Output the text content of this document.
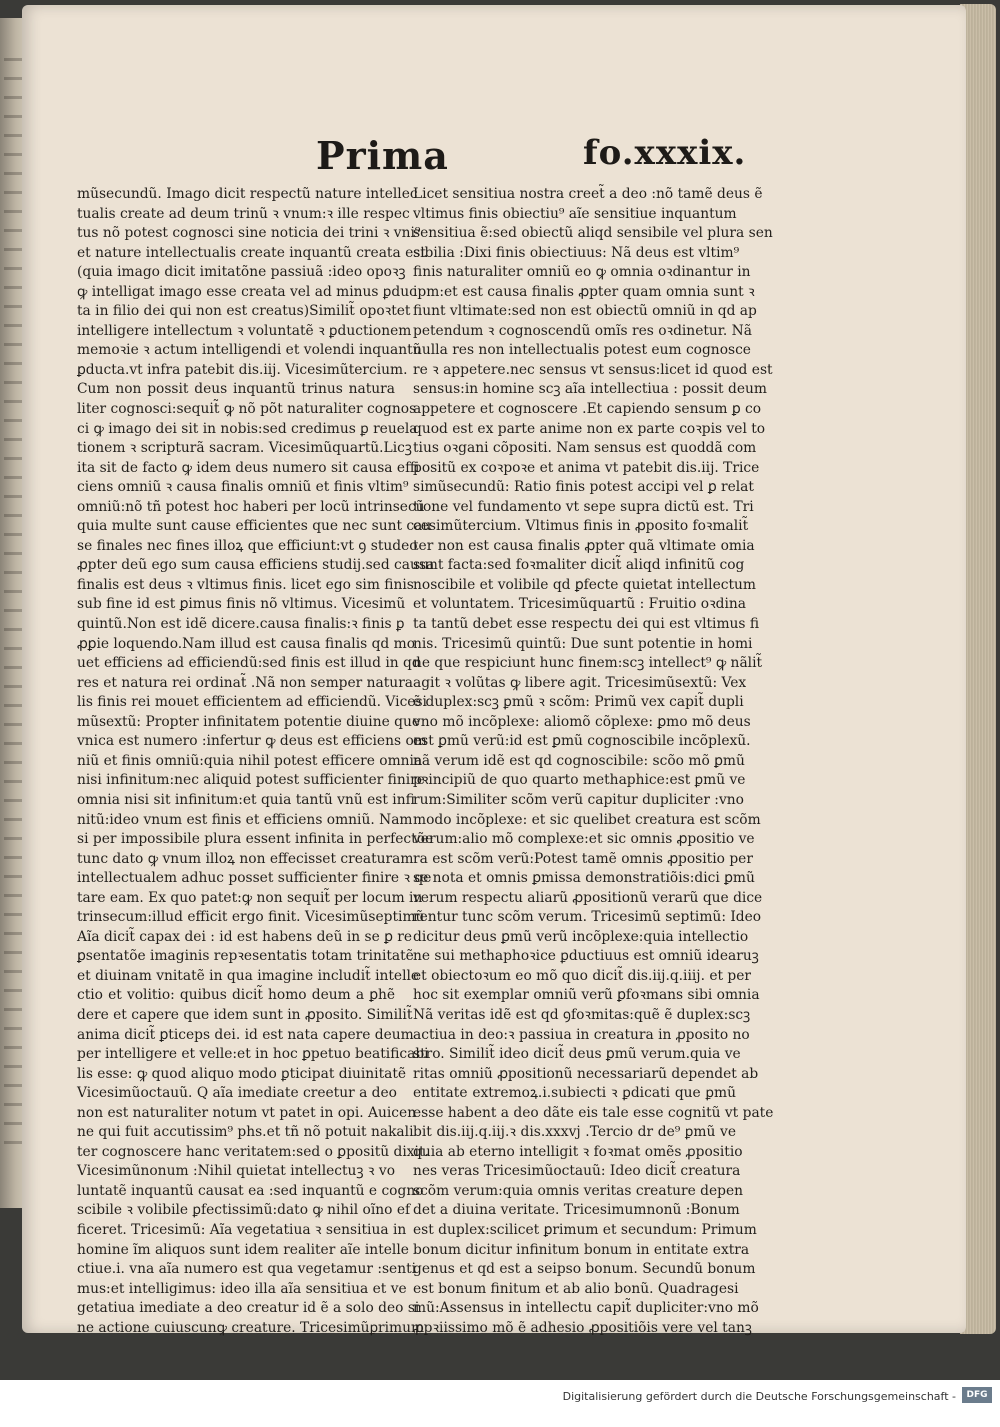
Prima	fo.xxxix.
mũsecundũ. Imago dicit respectũ nature intellec
tualis create ad deum trinũ ꝛ vnum:ꝛ ille respec
tus nõ potest cognosci sine noticia dei trini ꝛ vni⁹
et nature intellectualis create inquantũ creata est
(quia imago dicit imitatõne passiuã :ideo opoꝛꝫ
ꝙ intelligat imago esse creata vel ad minus ꝑduc
ta in filio dei qui non est creatus)Similit̃ opoꝛtet
intelligere intellectum ꝛ voluntatẽ ꝛ ꝑductionem
memoꝛie ꝛ actum intelligendi et volendi inquantũ
ꝑducta.vt infra patebit dis.iij. Vicesimũtercium.
Cum non possit deus inquantũ trinus natura
liter cognosci:sequit̃ ꝙ nõ põt naturaliter cognos
ci ꝙ imago dei sit in nobis:sed credimus ꝑ reuela
tionem ꝛ scripturã sacram. Vicesimũquartũ.Licꝫ
ita sit de facto ꝙ idem deus numero sit causa effi
ciens omniũ ꝛ causa finalis omniũ et finis vltim⁹
omniũ:nõ tñ potest hoc haberi per locũ intrinsecũ
quia multe sunt cause efficientes que nec sunt cau
se finales nec fines illoꝝ que efficiunt:vt ꝯ studeo
ꝓpter deũ ego sum causa efficiens studij.sed causa
finalis est deus ꝛ vltimus finis. licet ego sim finis
sub fine id est ꝑimus finis nõ vltimus. Vicesimũ
quintũ.Non est idẽ dicere.causa finalis:ꝛ finis ꝑ
ꝓꝑie loquendo.Nam illud est causa finalis qd mo
uet efficiens ad efficiendũ:sed finis est illud in qd
res et natura rei ordinat̃ .Nã non semper natura
lis finis rei mouet efficientem ad efficiendũ. Vicesi
mũsextũ: Propter infinitatem potentie diuine que
vnica est numero :infertur ꝙ deus est efficiens om
niũ et finis omniũ:quia nihil potest efficere omnia
nisi infinitum:nec aliquid potest sufficienter finire
omnia nisi sit infinitum:et quia tantũ vnũ est infi
nitũ:ideo vnum est finis et efficiens omniũ. Nam
si per impossibile plura essent infinita in perfectõe
tunc dato ꝙ vnum illoꝝ non effecisset creaturam
intellectualem adhuc posset sufficienter finire ꝛ qe
tare eam. Ex quo patet:ꝙ non sequit̃ per locum in
trinsecum:illud efficit ergo finit. Vicesimũseptimũ
Aĩa dicit̃ capax dei : id est habens deũ in se ꝑ re
ꝑsentatõe imaginis repꝛesentatis totam trinitatẽ
et diuinam vnitatẽ in qua imagine includit̃ intelle
ctio et volitio: quibus dicit̃ homo deum a ꝑhẽ
dere et capere que idem sunt in ꝓposito. Similit̃
anima dicit̃ ꝑticeps dei. id est nata capere deum
per intelligere et velle:et in hoc ꝑpetuo beatificabi
lis esse: ꝙ quod aliquo modo ꝑticipat diuinitatẽ
Vicesimũoctauũ. Q aĩa imediate creetur a deo
non est naturaliter notum vt patet in opi. Auicen
ne qui fuit accutissim⁹ phs.et tñ nõ potuit nakali
ter cognoscere hanc veritatem:sed o ꝑpositũ dixit.
Vicesimũnonum :Nihil quietat intellectuꝫ ꝛ vo
luntatẽ inquantũ causat ea :sed inquantũ e cogno
scibile ꝛ volibile ꝑfectissimũ:dato ꝙ nihil oĩno ef
ficeret. Tricesimũ: Aĩa vegetatiua ꝛ sensitiua in
homine ĩm aliquos sunt idem realiter aĩe intelle
ctiue.i. vna aĩa numero est qua vegetamur :senti
mus:et intelligimus: ideo illa aĩa sensitiua et ve
getatiua imediate a deo creatur id ẽ a solo deo si
ne actione cuiuscunꝙ creature. Tricesimũꝑrimum
Licet sensitiua nostra creet̃ a deo :nõ tamẽ deus ẽ
vltimus finis obiectiu⁹ aĩe sensitiue inquantum
sensitiua ẽ:sed obiectũ aliqd sensibile vel plura sen
sibilia :Dixi finis obiectiuus: Nã deus est vltim⁹
finis naturaliter omniũ eo ꝙ omnia oꝛdinantur in
ipm:et est causa finalis ꝓpter quam omnia sunt ꝛ
fiunt vltimate:sed non est obiectũ omniũ in qd ap
petendum ꝛ cognoscendũ omĩs res oꝛdinetur. Nã
nulla res non intellectualis potest eum cognosce
re ꝛ appetere.nec sensus vt sensus:licet id quod est
sensus:in homine scꝫ aĩa intellectiua : possit deum
appetere et cognoscere .Et capiendo sensum ꝑ co
quod est ex parte anime non ex parte coꝛpis vel to
tius oꝛgani cõpositi. Nam sensus est quoddã com
positũ ex coꝛpoꝛe et anima vt patebit dis.iij. Trice
simũsecundũ: Ratio finis potest accipi vel ꝑ relat
tione vel fundamento vt sepe supra dictũ est. Tri
cesimũtercium. Vltimus finis in ꝓposito foꝛmalit̃
ter non est causa finalis ꝓpter quã vltimate omia
sunt facta:sed foꝛmaliter dicit̃ aliqd infinitũ cog
noscibile et volibile qd ꝑfecte quietat intellectum
et voluntatem. Tricesimũquartũ : Fruitio oꝛdina
ta tantũ debet esse respectu dei qui est vltimus fi
nis. Tricesimũ quintũ: Due sunt potentie in homi
ne que respiciunt hunc finem:scꝫ intellect⁹ ꝙ nãlit̃
agit ꝛ volũtas ꝙ libere agit. Tricesimũsextũ: Vex
ẽ duplex:scꝫ ꝑmũ ꝛ scõm: Primũ vex capit̃ dupli
vno mõ incõplexe: aliomõ cõplexe: ꝑmo mõ deus
est ꝑmũ verũ:id est ꝑmũ cognoscibile incõplexũ.
nã verum idẽ est qd cognoscibile: scõo mõ ꝑmũ
pꝛincipiũ de quo quarto methaphice:est ꝑmũ ve
rum:Similiter scõm verũ capitur dupliciter :vno
modo incõplexe: et sic quelibet creatura est scõm
verum:alio mõ complexe:et sic omnis ꝓpositio ve
ra est scõm verũ:Potest tamẽ omnis ꝓpositio per
se nota et omnis ꝑmissa demonstratiõis:dici ꝑmũ
verum respectu aliarũ ꝓpositionũ verarũ que dice
rentur tunc scõm verum. Tricesimũ septimũ: Ideo
dicitur deus ꝑmũ verũ incõplexe:quia intellectio
ne sui methaphoꝛice ꝑductiuus est omniũ idearuꝫ
et obiectoꝛum eo mõ quo dicit̃ dis.iij.q.iiij. et per
hoc sit exemplar omniũ verũ ꝑfoꝛmans sibi omnia
Nã veritas idẽ est qd ꝯfoꝛmitas:quẽ ẽ duplex:scꝫ
actiua in deo:ꝛ passiua in creatura in ꝓposito no
stro. Similit̃ ideo dicit̃ deus ꝑmũ verum.quia ve
ritas omniũ ꝓpositionũ necessariarũ dependet ab
entitate extremoꝝ.i.subiecti ꝛ ꝑdicati que ꝑmũ
esse habent a deo dãte eis tale esse cognitũ vt pate
bit dis.iij.q.iij.ꝛ dis.xxxvj .Tercio dr de⁹ ꝑmũ ve
quia ab eterno intelligit ꝛ foꝛmat omẽs ꝓpositio
nes veras Tricesimũoctauũ: Ideo dicit̃ creatura
scõm verum:quia omnis veritas creature depen
det a diuina veritate. Tricesimumnonũ :Bonum
est duplex:scilicet ꝑrimum et secundum: Primum
bonum dicitur infinitum bonum in entitate extra
genus et qd est a seipso bonum. Secundũ bonum
est bonum finitum et ab alio bonũ. Quadragesi
mũ:Assensus in intellectu capit̃ dupliciter:vno mõ
ꝓpꝛiissimo mõ ẽ adhesio ꝓpositiõis vere vel tanꝫ
Digitalisierung gefördert durch die Deutsche Forschungsgemeinschaft -	DFG
